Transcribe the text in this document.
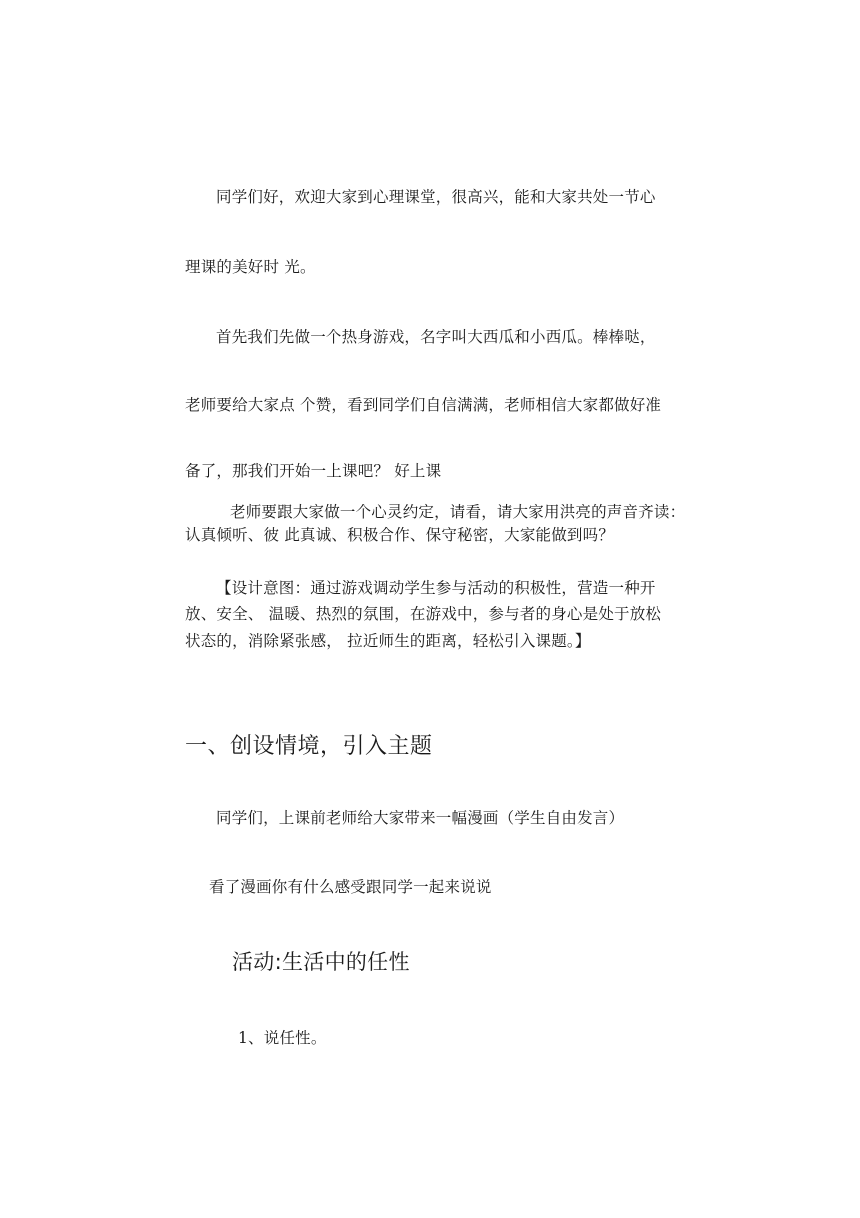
同学们好，欢迎大家到心理课堂，很高兴，能和大家共处一节心
理课的美好时 光。
首先我们先做一个热身游戏，名字叫大西瓜和小西瓜。棒棒哒，
老师要给大家点 个赞，看到同学们自信满满，老师相信大家都做好准
备了，那我们开始一上课吧？ 好上课
老师要跟大家做一个心灵约定，请看，请大家用洪亮的声音齐读：
认真倾听、彼 此真诚、积极合作、保守秘密，大家能做到吗？
【设计意图：通过游戏调动学生参与活动的积极性，营造一种开
放、安全、 温暖、热烈的氛围，在游戏中，参与者的身心是处于放松
状态的，消除紧张感， 拉近师生的距离，轻松引入课题。】
一、创设情境，引入主题
同学们，上课前老师给大家带来一幅漫画（学生自由发言）
看了漫画你有什么感受跟同学一起来说说
活动:生活中的任性
1、说任性。
